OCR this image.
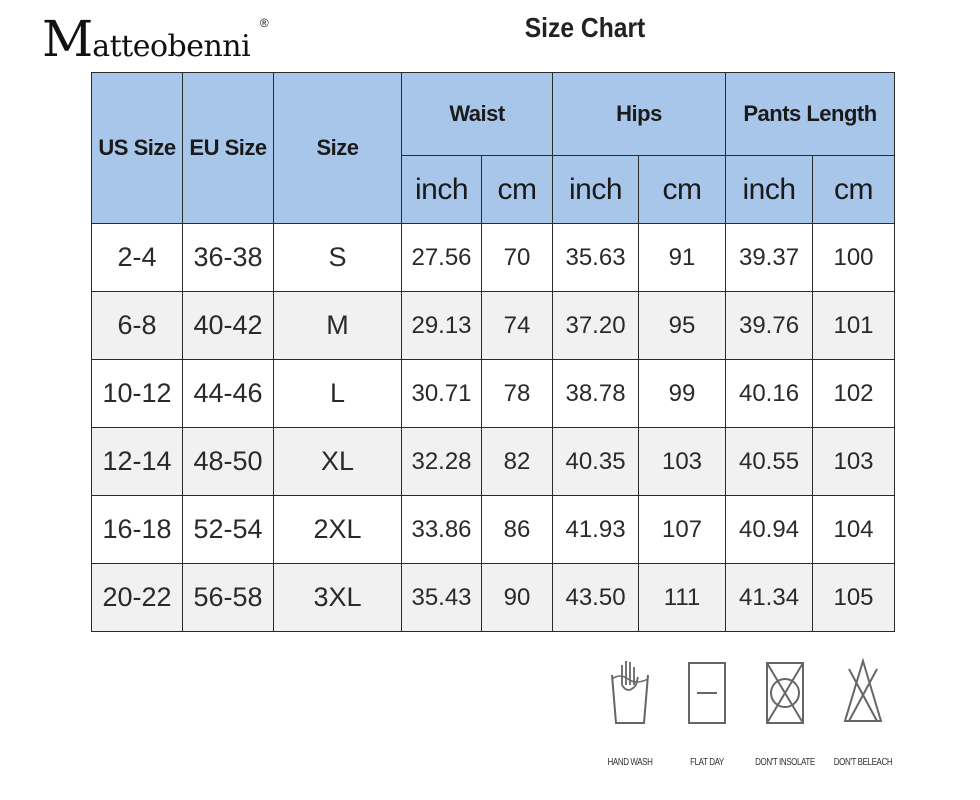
Matteobenni
®	Size Chart
US Size	EU Size	Size	Waist		Hips		Pants Length	
			inch	cm	inch	cm	inch	cm
2-4	36-38	S	27.56	70	35.63	91	39.37	100
6-8	40-42	M	29.13	74	37.20	95	39.76	101
10-12	44-46	L	30.71	78	38.78	99	40.16	102
12-14	48-50	XL	32.28	82	40.35	103	40.55	103
16-18	52-54	2XL	33.86	86	41.93	107	40.94	104
20-22	56-58	3XL	35.43	90	43.50	111	41.34	105
HAND WASH	FLAT DAY	DON'T INSOLATE	DON'T BELEACH
